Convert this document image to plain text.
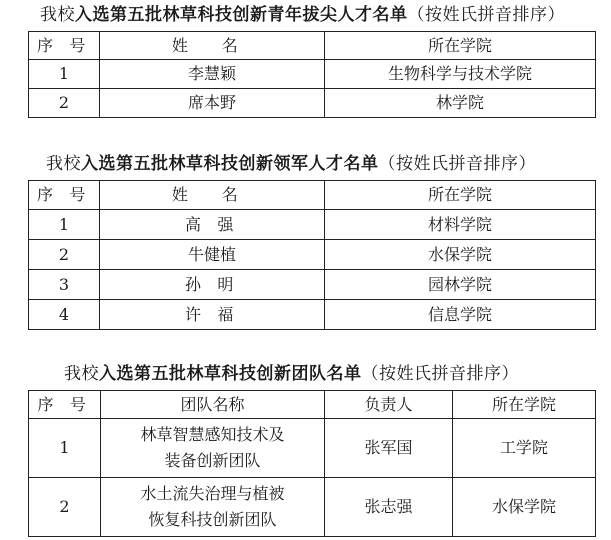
我校入选第五批林草科技创新青年拔尖人才名单（按姓氏拼音排序）
序 号	姓 名	所在学院
1	李慧颖	生物科学与技术学院
2	席本野	林学院
我校入选第五批林草科技创新领军人才名单（按姓氏拼音排序）
序 号	姓 名	所在学院
1	高 强	材料学院
2	牛健植	水保学院
3	孙 明	园林学院
4	许 福	信息学院
我校入选第五批林草科技创新团队名单（按姓氏拼音排序）
序 号	团队名称	负责人	所在学院
1	林草智慧感知技术及
装备创新团队	张军国	工学院
2	水土流失治理与植被
恢复科技创新团队	张志强	水保学院
